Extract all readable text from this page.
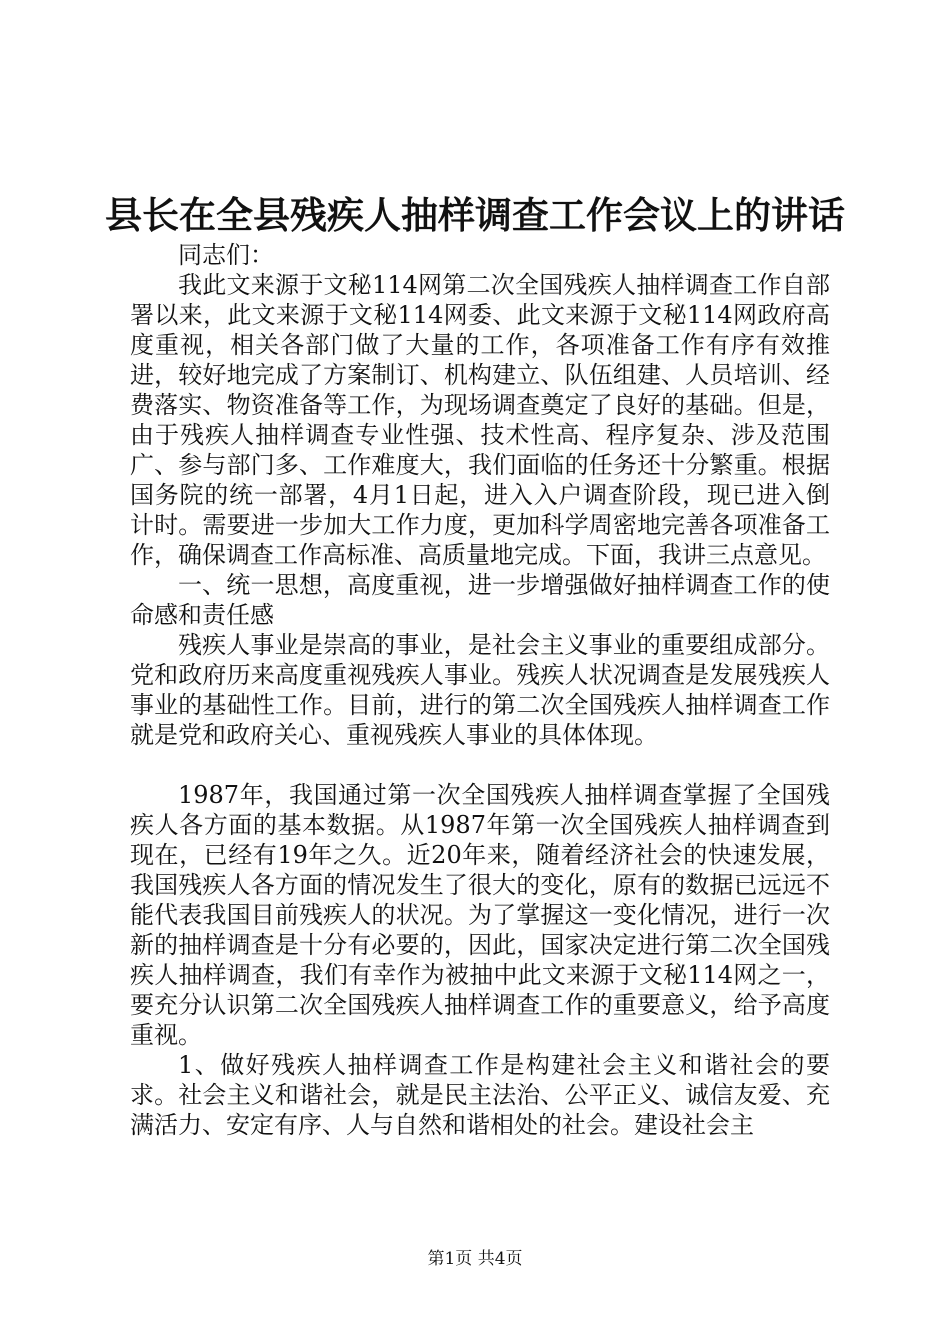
县长在全县残疾人抽样调查工作会议上的讲话

同志们：

我此文来源于文秘114网第二次全国残疾人抽样调查工作自部署以来，此文来源于文秘114网委、此文来源于文秘114网政府高度重视，相关各部门做了大量的工作，各项准备工作有序有效推进，较好地完成了方案制订、机构建立、队伍组建、人员培训、经费落实、物资准备等工作，为现场调查奠定了良好的基础。但是，由于残疾人抽样调查专业性强、技术性高、程序复杂、涉及范围广、参与部门多、工作难度大，我们面临的任务还十分繁重。根据国务院的统一部署，4月1日起，进入入户调查阶段，现已进入倒计时。需要进一步加大工作力度，更加科学周密地完善各项准备工作，确保调查工作高标准、高质量地完成。下面，我讲三点意见。

一、统一思想，高度重视，进一步增强做好抽样调查工作的使命感和责任感

残疾人事业是崇高的事业，是社会主义事业的重要组成部分。党和政府历来高度重视残疾人事业。残疾人状况调查是发展残疾人事业的基础性工作。目前，进行的第二次全国残疾人抽样调查工作就是党和政府关心、重视残疾人事业的具体体现。

1987年，我国通过第一次全国残疾人抽样调查掌握了全国残疾人各方面的基本数据。从1987年第一次全国残疾人抽样调查到现在，已经有19年之久。近20年来，随着经济社会的快速发展，我国残疾人各方面的情况发生了很大的变化，原有的数据已远远不能代表我国目前残疾人的状况。为了掌握这一变化情况，进行一次新的抽样调查是十分有必要的，因此，国家决定进行第二次全国残疾人抽样调查，我们有幸作为被抽中此文来源于文秘114网之一，要充分认识第二次全国残疾人抽样调查工作的重要意义，给予高度重视。

1、做好残疾人抽样调查工作是构建社会主义和谐社会的要求。社会主义和谐社会，就是民主法治、公平正义、诚信友爱、充满活力、安定有序、人与自然和谐相处的社会。建设社会主

第1页 共4页
